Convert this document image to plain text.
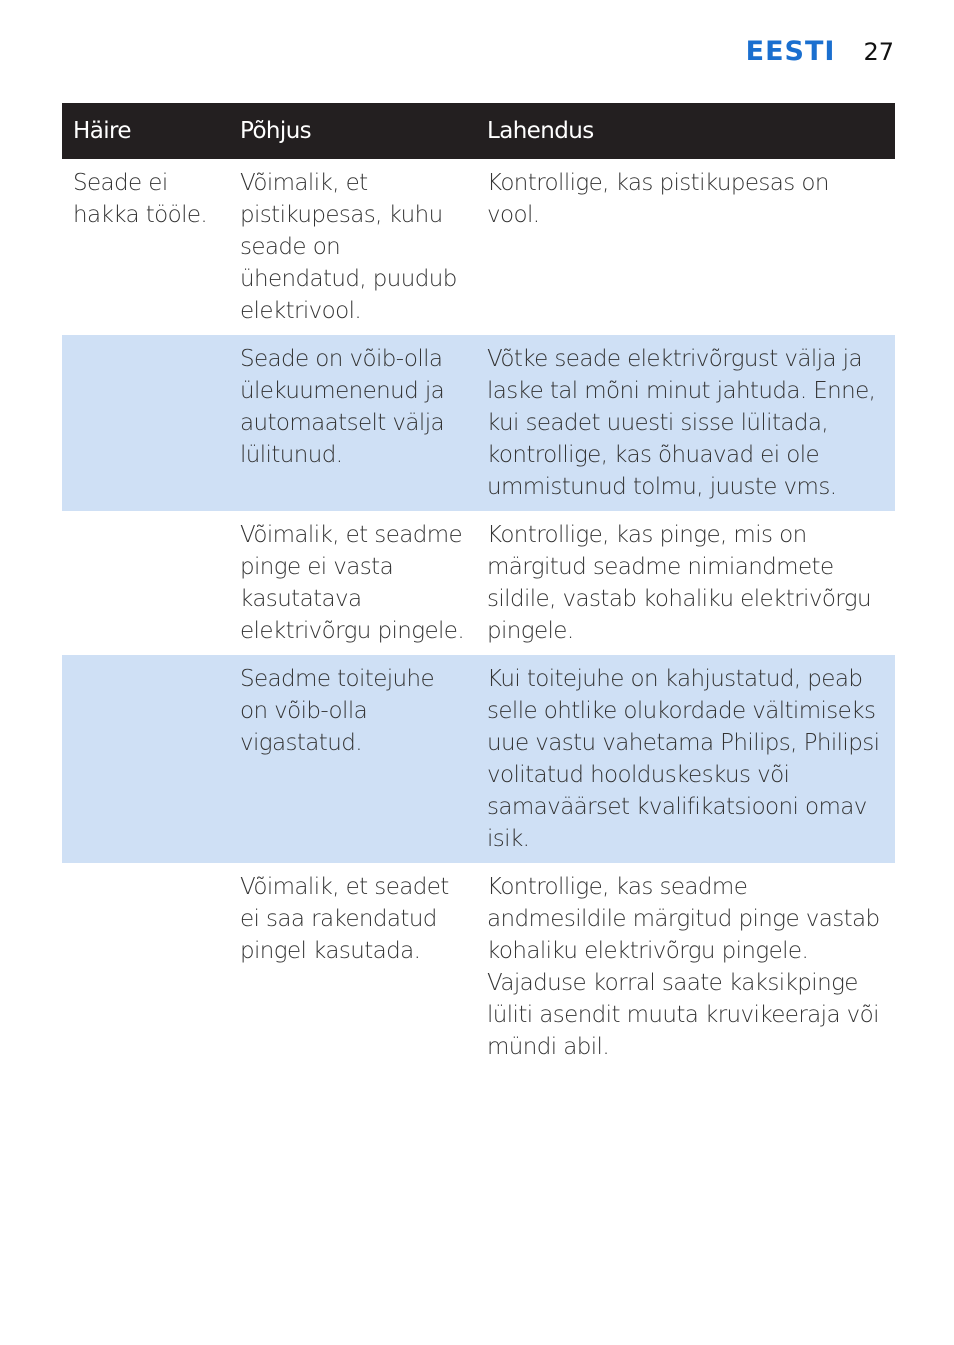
EESTI 27
Häire	Põhjus	Lahendus
Seade ei hakka tööle.	Võimalik, et pistikupesas, kuhu seade on ühendatud, puudub elektrivool.	Kontrollige, kas pistikupesas on vool.
	Seade on võib-olla ülekuumenenud ja automaatselt välja lülitunud.	Võtke seade elektrivõrgust välja ja laske tal mõni minut jahtuda. Enne, kui seadet uuesti sisse lülitada, kontrollige, kas õhuavad ei ole ummistunud tolmu, juuste vms.
	Võimalik, et seadme pinge ei vasta kasutatava elektrivõrgu pingele.	Kontrollige, kas pinge, mis on märgitud seadme nimiandmete sildile, vastab kohaliku elektrivõrgu pingele.
	Seadme toitejuhe on võib-olla vigastatud.	Kui toitejuhe on kahjustatud, peab selle ohtlike olukordade vältimiseks uue vastu vahetama Philips, Philipsi volitatud hoolduskeskus või samaväärset kvalifikatsiooni omav isik.
	Võimalik, et seadet ei saa rakendatud pingel kasutada.	Kontrollige, kas seadme andmesildile märgitud pinge vastab kohaliku elektrivõrgu pingele. Vajaduse korral saate kaksikpinge lüliti asendit muuta kruvikeeraja või mündi abil.
